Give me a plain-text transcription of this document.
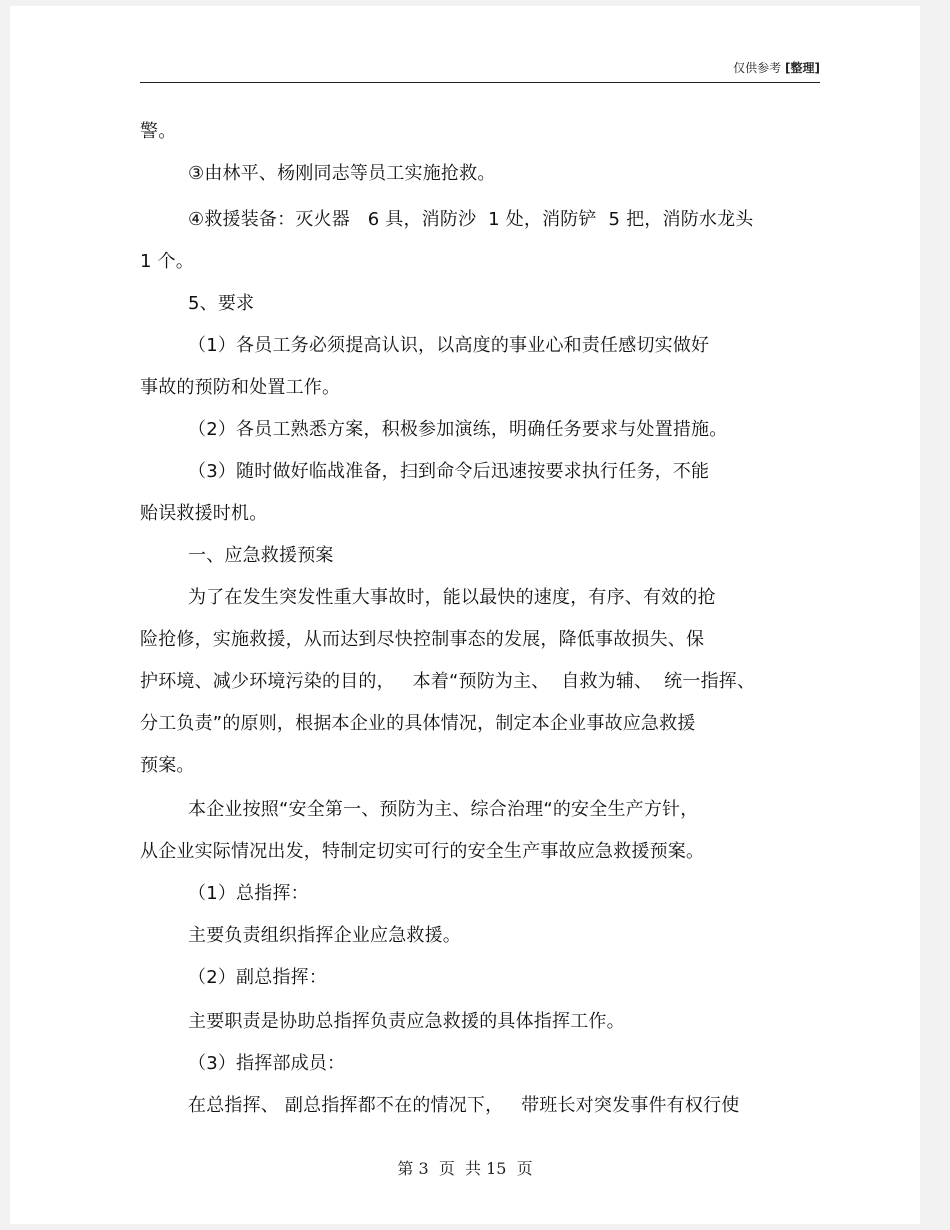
仅供参考 [整理]
警。
③由林平、杨刚同志等员工实施抢救。
④救援装备：灭火器   6 具，消防沙  1 处，消防铲  5 把，消防水龙头
1 个。
5、要求
（1）各员工务必须提高认识，以高度的事业心和责任感切实做好
事故的预防和处置工作。
（2）各员工熟悉方案，积极参加演练，明确任务要求与处置措施。
（3）随时做好临战准备，扫到命令后迅速按要求执行任务，不能
贻误救援时机。
一、应急救援预案
为了在发生突发性重大事故时，能以最快的速度，有序、有效的抢
险抢修，实施救援，从而达到尽快控制事态的发展，降低事故损失、保
护环境、减少环境污染的目的，   本着“预防为主、  自救为辅、  统一指挥、
分工负责”的原则，根据本企业的具体情况，制定本企业事故应急救援
预案。
本企业按照“安全第一、预防为主、综合治理“的安全生产方针，
从企业实际情况出发，特制定切实可行的安全生产事故应急救援预案。
（1）总指挥：
主要负责组织指挥企业应急救援。
（2）副总指挥：
主要职责是协助总指挥负责应急救援的具体指挥工作。
（3）指挥部成员：
在总指挥、 副总指挥都不在的情况下，   带班长对突发事件有权行使
第 3  页  共 15  页
